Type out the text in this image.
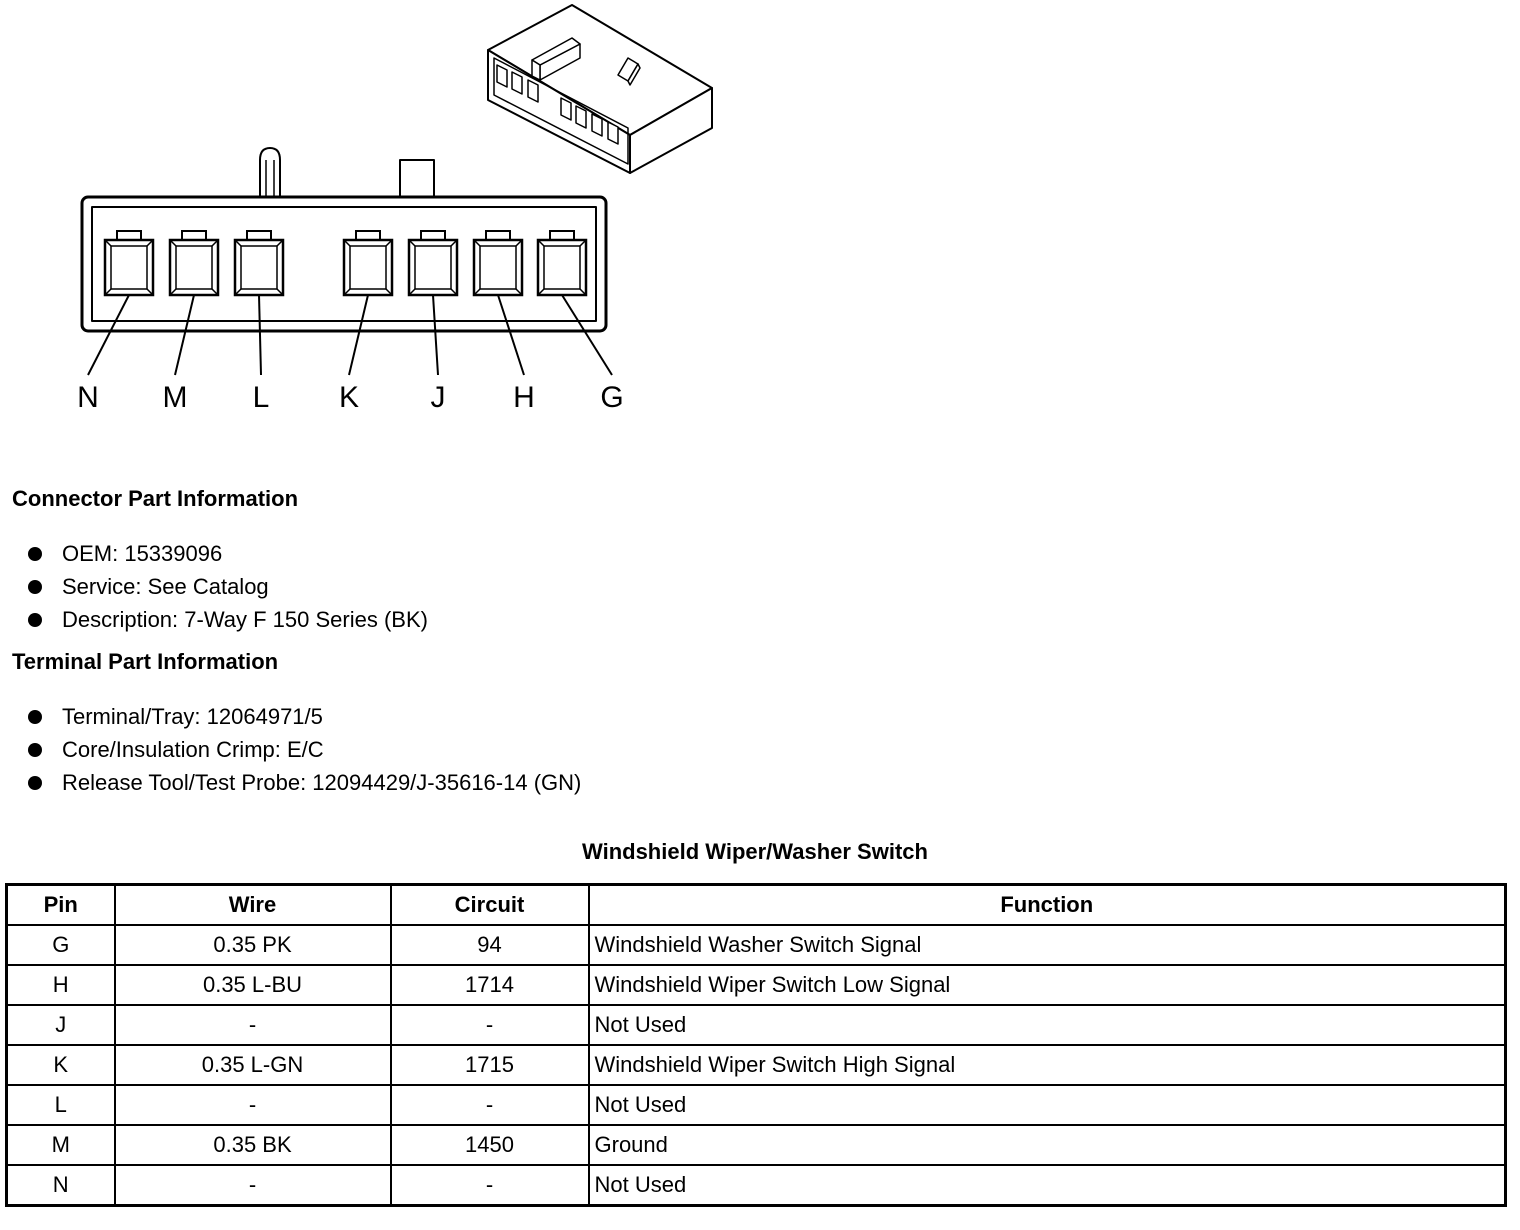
N M L K J H G
Connector Part Information
OEM: 15339096
Service: See Catalog
Description: 7-Way F 150 Series (BK)
Terminal Part Information
Terminal/Tray: 12064971/5
Core/Insulation Crimp: E/C
Release Tool/Test Probe: 12094429/J-35616-14 (GN)
Windshield Wiper/Washer Switch
Pin	Wire	Circuit	Function
G	0.35 PK	94	Windshield Washer Switch Signal
H	0.35 L-BU	1714	Windshield Wiper Switch Low Signal
J	-	-	Not Used
K	0.35 L-GN	1715	Windshield Wiper Switch High Signal
L	-	-	Not Used
M	0.35 BK	1450	Ground
N	-	-	Not Used
